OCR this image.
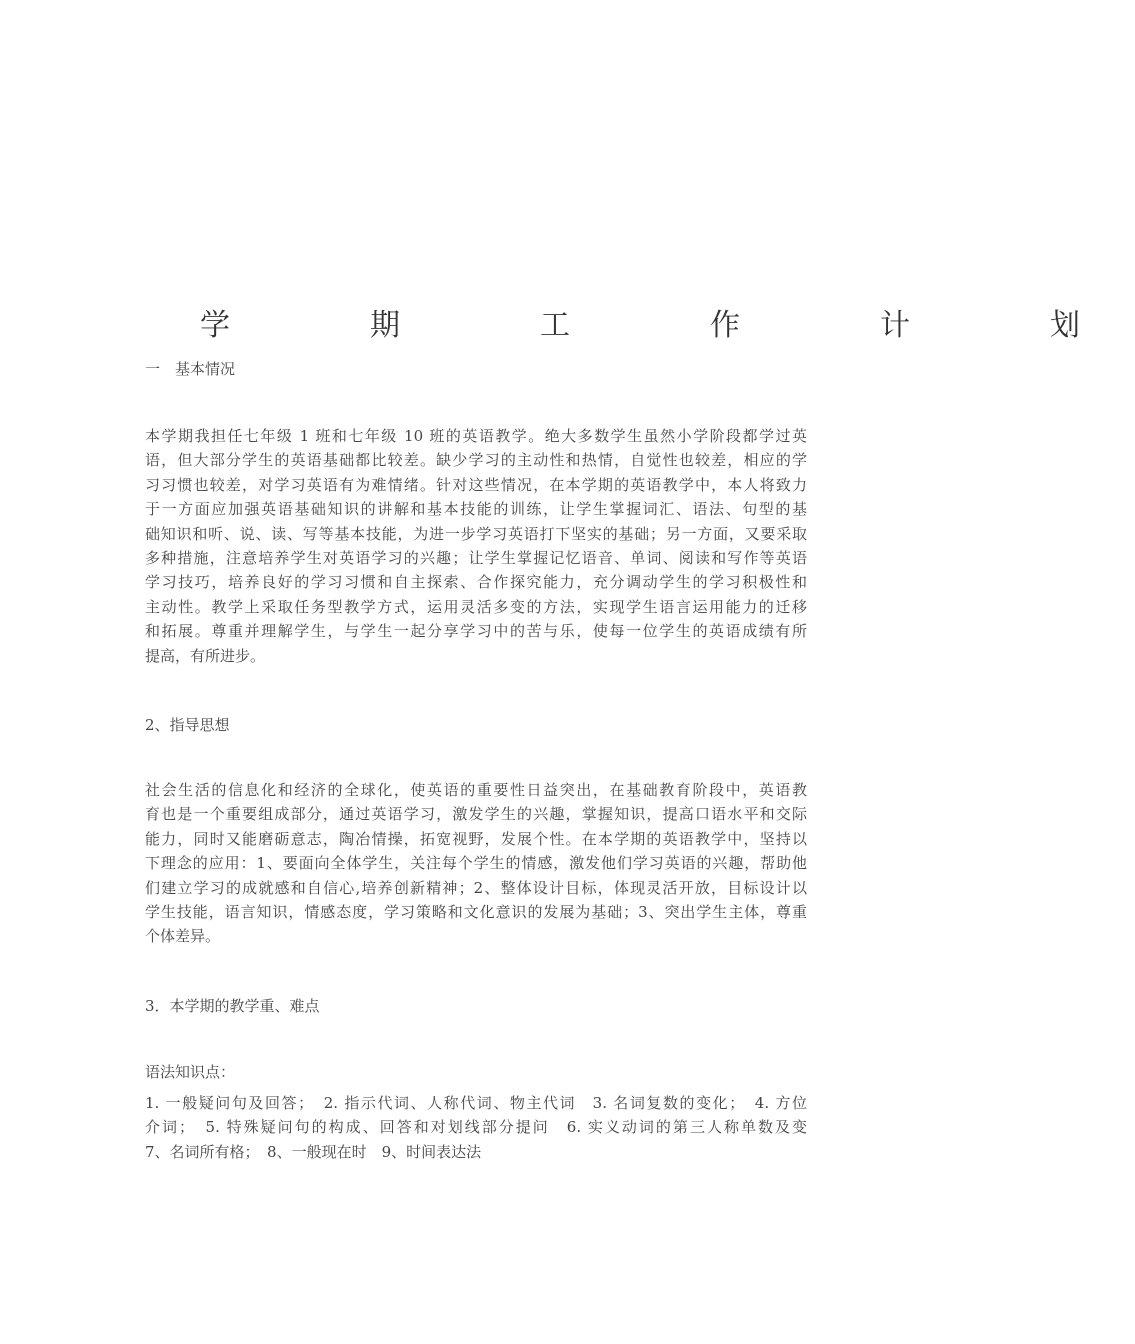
学　期　工　作　计　划
一　基本情况
本学期我担任七年级 1 班和七年级 10 班的英语教学。绝大多数学生虽然小学阶段都学过英
语，但大部分学生的英语基础都比较差。缺少学习的主动性和热情，自觉性也较差，相应的学
习习惯也较差，对学习英语有为难情绪。针对这些情况，在本学期的英语教学中，本人将致力
于一方面应加强英语基础知识的讲解和基本技能的训练，让学生掌握词汇、语法、句型的基
础知识和听、说、读、写等基本技能，为进一步学习英语打下坚实的基础；另一方面，又要采取
多种措施，注意培养学生对英语学习的兴趣；让学生掌握记忆语音、单词、阅读和写作等英语
学习技巧，培养良好的学习习惯和自主探索、合作探究能力，充分调动学生的学习积极性和
主动性。教学上采取任务型教学方式，运用灵活多变的方法，实现学生语言运用能力的迁移
和拓展。尊重并理解学生，与学生一起分享学习中的苦与乐，使每一位学生的英语成绩有所
提高，有所进步。
2、指导思想
社会生活的信息化和经济的全球化，使英语的重要性日益突出，在基础教育阶段中，英语教
育也是一个重要组成部分，通过英语学习，激发学生的兴趣，掌握知识，提高口语水平和交际
能力，同时又能磨砺意志，陶冶情操，拓宽视野，发展个性。在本学期的英语教学中，坚持以
下理念的应用：1、要面向全体学生，关注每个学生的情感，激发他们学习英语的兴趣，帮助他
们建立学习的成就感和自信心,培养创新精神；2、整体设计目标，体现灵活开放，目标设计以
学生技能，语言知识，情感态度，学习策略和文化意识的发展为基础；3、突出学生主体，尊重
个体差异。
3．本学期的教学重、难点
语法知识点：
1. 一般疑问句及回答；　2. 指示代词、人称代词、物主代词　3. 名词复数的变化；　4. 方位
介词；　5. 特殊疑问句的构成、回答和对划线部分提问　6. 实义动词的第三人称单数及变
7、名词所有格；　8、一般现在时　9、时间表达法
